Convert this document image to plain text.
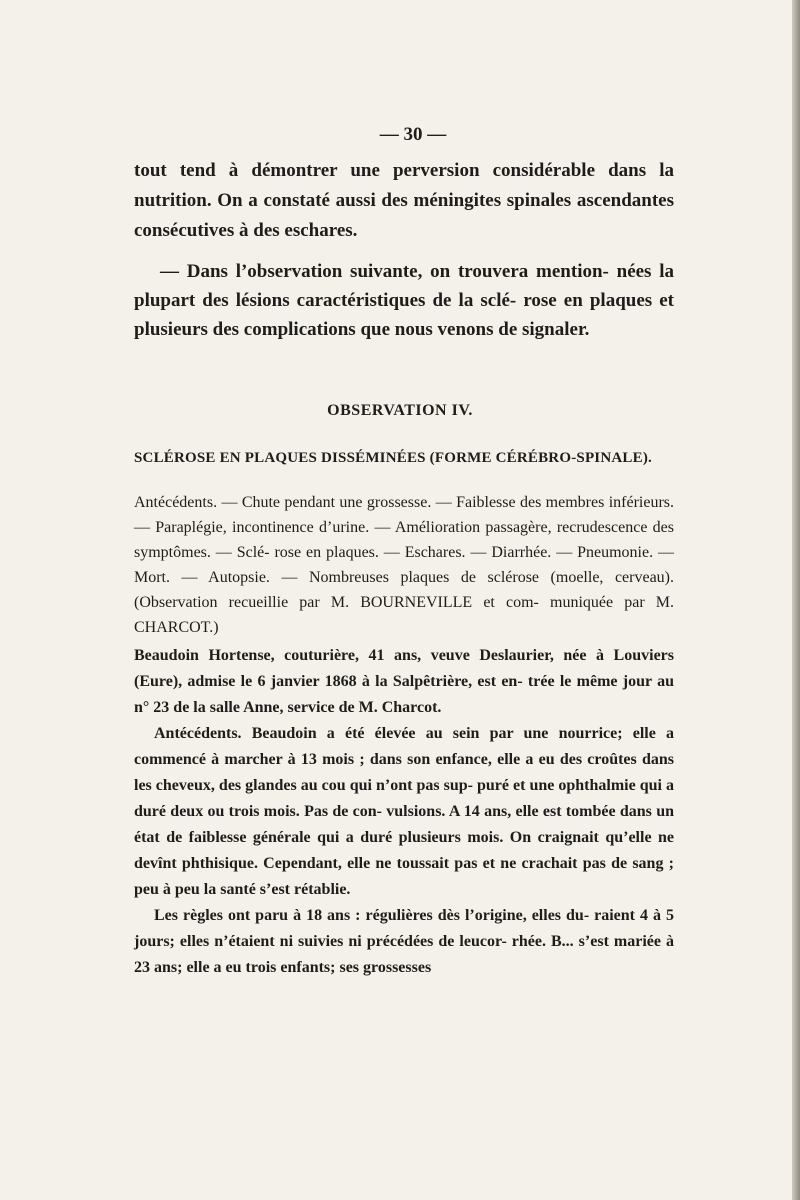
— 30 —
tout tend à démontrer une perversion considérable dans la nutrition. On a constaté aussi des méningites spinales ascendantes consécutives à des eschares.
— Dans l’observation suivante, on trouvera mention- nées la plupart des lésions caractéristiques de la sclé- rose en plaques et plusieurs des complications que nous venons de signaler.
OBSERVATION IV.
SCLÉROSE EN PLAQUES DISSÉMINÉES (FORME CÉRÉBRO-SPINALE).
Antécédents. — Chute pendant une grossesse. — Faiblesse des membres inférieurs. — Paraplégie, incontinence d’urine. — Amélioration passagère, recrudescence des symptômes. — Sclé- rose en plaques. — Eschares. — Diarrhée. — Pneumonie. — Mort. — Autopsie. — Nombreuses plaques de sclérose (moelle, cerveau). (Observation recueillie par M. BOURNEVILLE et com- muniquée par M. CHARCOT.)

Beaudoin Hortense, couturière, 41 ans, veuve Deslaurier, née à Louviers (Eure), admise le 6 janvier 1868 à la Salpêtrière, est en- trée le même jour au n° 23 de la salle Anne, service de M. Charcot.

Antécédents. Beaudoin a été élevée au sein par une nourrice; elle a commencé à marcher à 13 mois ; dans son enfance, elle a eu des croûtes dans les cheveux, des glandes au cou qui n’ont pas sup- puré et une ophthalmie qui a duré deux ou trois mois. Pas de con- vulsions. A 14 ans, elle est tombée dans un état de faiblesse générale qui a duré plusieurs mois. On craignait qu’elle ne devînt phthisique. Cependant, elle ne toussait pas et ne crachait pas de sang ; peu à peu la santé s’est rétablie.

Les règles ont paru à 18 ans : régulières dès l’origine, elles du- raient 4 à 5 jours; elles n’étaient ni suivies ni précédées de leucor- rhée. B... s’est mariée à 23 ans; elle a eu trois enfants; ses grossesses
